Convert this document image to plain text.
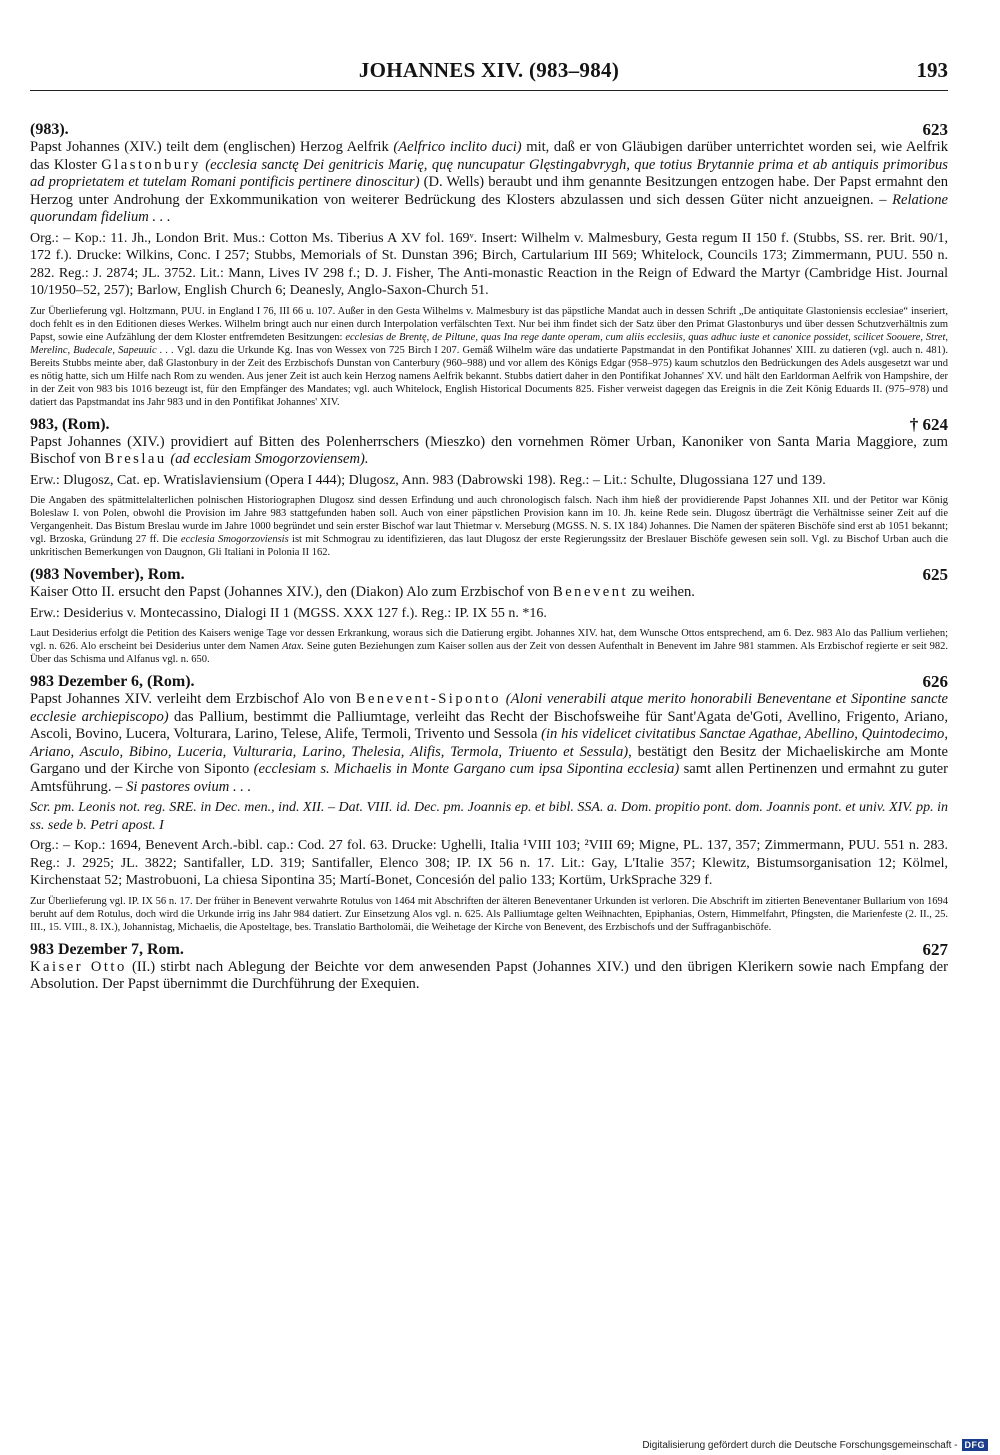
JOHANNES XIV. (983–984)	193
(983).	623

Papst Johannes (XIV.) teilt dem (englischen) Herzog Aelfrik (Aelfrico inclito duci) mit, daß er von Gläubigen darüber unterrichtet worden sei, wie Aelfrik das Kloster Glastonbury (ecclesia sanctę Dei genitricis Marię, quę nuncupatur Glęstingabvrygh, que totius Brytannie prima et ab antiquis primoribus ad proprietatem et tutelam Romani pontificis pertinere dinoscitur) (D. Wells) beraubt und ihm genannte Besitzungen entzogen habe. Der Papst ermahnt den Herzog unter Androhung der Exkommunikation von weiterer Bedrückung des Klosters abzulassen und sich dessen Güter nicht anzueignen. – Relatione quorundam fidelium . . .

Org.: – Kop.: 11. Jh., London Brit. Mus.: Cotton Ms. Tiberius A XV fol. 169ᵛ. Insert: Wilhelm v. Malmesbury, Gesta regum II 150 f. (Stubbs, SS. rer. Brit. 90/1, 172 f.). Drucke: Wilkins, Conc. I 257; Stubbs, Memorials of St. Dunstan 396; Birch, Cartularium III 569; Whitelock, Councils 173; Zimmermann, PUU. 550 n. 282. Reg.: J. 2874; JL. 3752. Lit.: Mann, Lives IV 298 f.; D. J. Fisher, The Anti-monastic Reaction in the Reign of Edward the Martyr (Cambridge Hist. Journal 10/1950–52, 257); Barlow, English Church 6; Deanesly, Anglo-Saxon-Church 51.

Zur Überlieferung vgl. Holtzmann, PUU. in England I 76, III 66 u. 107. Außer in den Gesta Wilhelms v. Malmesbury ist das päpstliche Mandat auch in dessen Schrift „De antiquitate Glastoniensis ecclesiae“ inseriert, doch fehlt es in den Editionen dieses Werkes. Wilhelm bringt auch nur einen durch Interpolation verfälschten Text. Nur bei ihm findet sich der Satz über den Primat Glastonburys und über dessen Schutzverhältnis zum Papst, sowie eine Aufzählung der dem Kloster entfremdeten Besitzungen: ecclesias de Brentę, de Piltune, quas Ina rege dante operam, cum aliis ecclesiis, quas adhuc iuste et canonice possidet, scilicet Soouere, Stret, Merelinc, Budecale, Sapeuuic . . . Vgl. dazu die Urkunde Kg. Inas von Wessex von 725 Birch I 207. Gemäß Wilhelm wäre das undatierte Papstmandat in den Pontifikat Johannes' XIII. zu datieren (vgl. auch n. 481). Bereits Stubbs meinte aber, daß Glastonbury in der Zeit des Erzbischofs Dunstan von Canterbury (960–988) und vor allem des Königs Edgar (958–975) kaum schutzlos den Bedrückungen des Adels ausgesetzt war und es nötig hatte, sich um Hilfe nach Rom zu wenden. Aus jener Zeit ist auch kein Herzog namens Aelfrik bekannt. Stubbs datiert daher in den Pontifikat Johannes' XV. und hält den Earldorman Aelfrik von Hampshire, der in der Zeit von 983 bis 1016 bezeugt ist, für den Empfänger des Mandates; vgl. auch Whitelock, English Historical Documents 825. Fisher verweist dagegen das Ereignis in die Zeit König Eduards II. (975–978) und datiert das Papstmandat ins Jahr 983 und in den Pontifikat Johannes' XIV.

983, (Rom).	† 624

Papst Johannes (XIV.) providiert auf Bitten des Polenherrschers (Mieszko) den vornehmen Römer Urban, Kanoniker von Santa Maria Maggiore, zum Bischof von Breslau (ad ecclesiam Smogorzoviensem).

Erw.: Dlugosz, Cat. ep. Wratislaviensium (Opera I 444); Dlugosz, Ann. 983 (Dabrowski 198). Reg.: – Lit.: Schulte, Dlugossiana 127 und 139.

Die Angaben des spätmittelalterlichen polnischen Historiographen Dlugosz sind dessen Erfindung und auch chronologisch falsch. Nach ihm hieß der providierende Papst Johannes XII. und der Petitor war König Boleslaw I. von Polen, obwohl die Provision im Jahre 983 stattgefunden haben soll. Auch von einer päpstlichen Provision kann im 10. Jh. keine Rede sein. Dlugosz überträgt die Verhältnisse seiner Zeit auf die Vergangenheit. Das Bistum Breslau wurde im Jahre 1000 begründet und sein erster Bischof war laut Thietmar v. Merseburg (MGSS. N. S. IX 184) Johannes. Die Namen der späteren Bischöfe sind erst ab 1051 bekannt; vgl. Brzoska, Gründung 27 ff. Die ecclesia Smogorzoviensis ist mit Schmograu zu identifizieren, das laut Dlugosz der erste Regierungssitz der Breslauer Bischöfe gewesen sein soll. Vgl. zu Bischof Urban auch die unkritischen Bemerkungen von Daugnon, Gli Italiani in Polonia II 162.

(983 November), Rom.	625

Kaiser Otto II. ersucht den Papst (Johannes XIV.), den (Diakon) Alo zum Erzbischof von Benevent zu weihen.

Erw.: Desiderius v. Montecassino, Dialogi II 1 (MGSS. XXX 127 f.). Reg.: IP. IX 55 n. *16.

Laut Desiderius erfolgt die Petition des Kaisers wenige Tage vor dessen Erkrankung, woraus sich die Datierung ergibt. Johannes XIV. hat, dem Wunsche Ottos entsprechend, am 6. Dez. 983 Alo das Pallium verliehen; vgl. n. 626. Alo erscheint bei Desiderius unter dem Namen Atax. Seine guten Beziehungen zum Kaiser sollen aus der Zeit von dessen Aufenthalt in Benevent im Jahre 981 stammen. Als Erzbischof regierte er seit 982. Über das Schisma und Alfanus vgl. n. 650.

983 Dezember 6, (Rom).	626

Papst Johannes XIV. verleiht dem Erzbischof Alo von Benevent-Siponto (Aloni venerabili atque merito honorabili Beneventane et Sipontine sancte ecclesie archiepiscopo) das Pallium, bestimmt die Palliumtage, verleiht das Recht der Bischofsweihe für Sant'Agata de'Goti, Avellino, Frigento, Ariano, Ascoli, Bovino, Lucera, Volturara, Larino, Telese, Alife, Termoli, Trivento und Sessola (in his videlicet civitatibus Sanctae Agathae, Abellino, Quintodecimo, Ariano, Asculo, Bibino, Luceria, Vulturaria, Larino, Thelesia, Alifis, Termola, Triuento et Sessula), bestätigt den Besitz der Michaeliskirche am Monte Gargano und der Kirche von Siponto (ecclesiam s. Michaelis in Monte Gargano cum ipsa Sipontina ecclesia) samt allen Pertinenzen und ermahnt zu guter Amtsführung. – Si pastores ovium . . .

Scr. pm. Leonis not. reg. SRE. in Dec. men., ind. XII. – Dat. VIII. id. Dec. pm. Joannis ep. et bibl. SSA. a. Dom. propitio pont. dom. Joannis pont. et univ. XIV. pp. in ss. sede b. Petri apost. I

Org.: – Kop.: 1694, Benevent Arch.-bibl. cap.: Cod. 27 fol. 63. Drucke: Ughelli, Italia ¹VIII 103; ²VIII 69; Migne, PL. 137, 357; Zimmermann, PUU. 551 n. 283. Reg.: J. 2925; JL. 3822; Santifaller, LD. 319; Santifaller, Elenco 308; IP. IX 56 n. 17. Lit.: Gay, L'Italie 357; Klewitz, Bistumsorganisation 12; Kölmel, Kirchenstaat 52; Mastrobuoni, La chiesa Sipontina 35; Martí-Bonet, Concesión del palio 133; Kortüm, UrkSprache 329 f.

Zur Überlieferung vgl. IP. IX 56 n. 17. Der früher in Benevent verwahrte Rotulus von 1464 mit Abschriften der älteren Beneventaner Urkunden ist verloren. Die Abschrift im zitierten Beneventaner Bullarium von 1694 beruht auf dem Rotulus, doch wird die Urkunde irrig ins Jahr 984 datiert. Zur Einsetzung Alos vgl. n. 625. Als Palliumtage gelten Weihnachten, Epiphanias, Ostern, Himmelfahrt, Pfingsten, die Marienfeste (2. II., 25. III., 15. VIII., 8. IX.), Johannistag, Michaelis, die Aposteltage, bes. Translatio Bartholomäi, die Weihetage der Kirche von Benevent, des Erzbischofs und der Suffraganbischöfe.

983 Dezember 7, Rom.	627

Kaiser Otto (II.) stirbt nach Ablegung der Beichte vor dem anwesenden Papst (Johannes XIV.) und den übrigen Klerikern sowie nach Empfang der Absolution. Der Papst übernimmt die Durchführung der Exequien.

Digitalisierung gefördert durch die Deutsche Forschungsgemeinschaft - DFG
